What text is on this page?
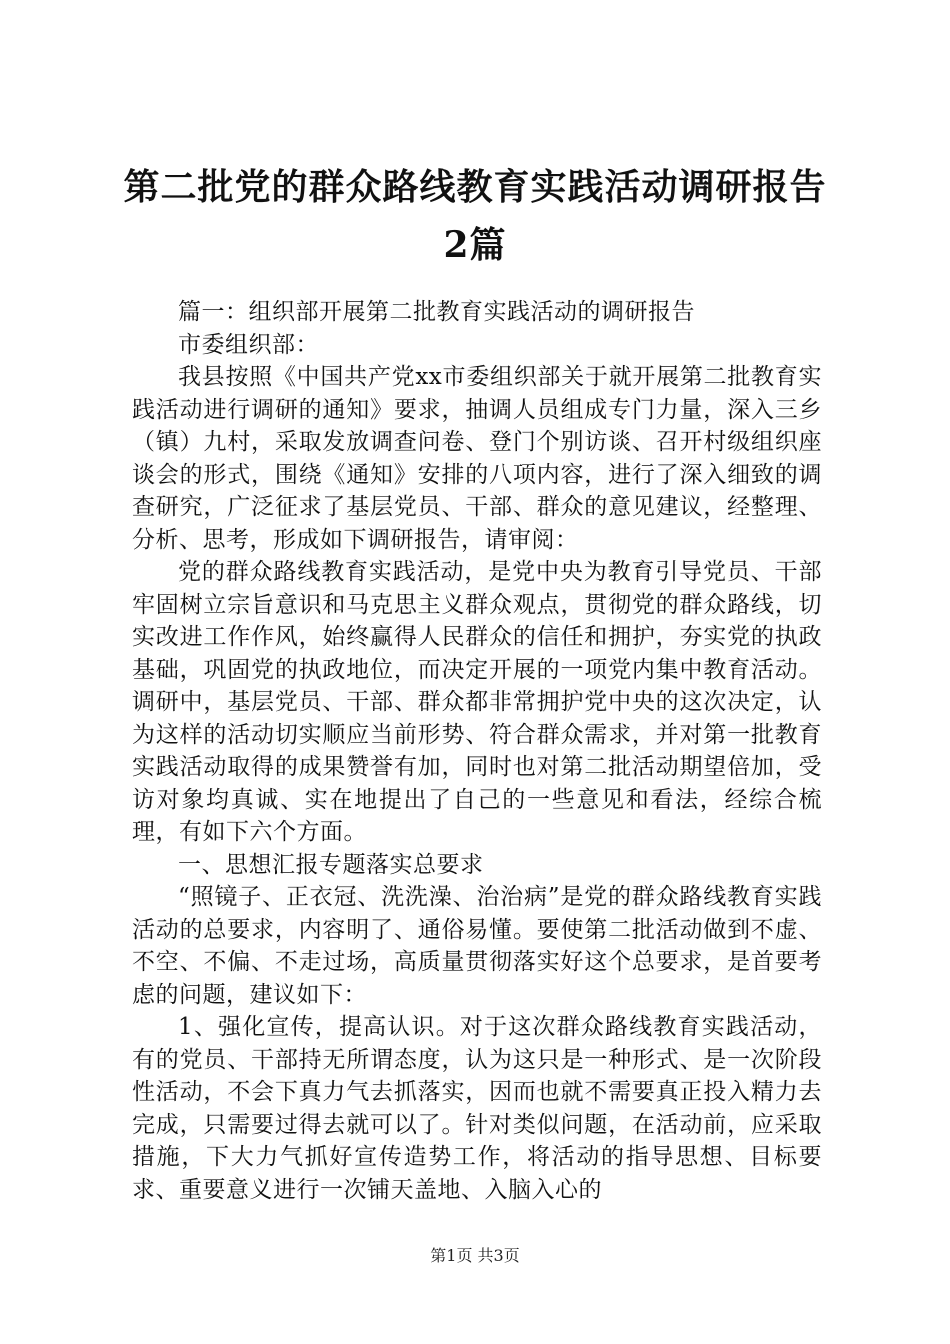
第二批党的群众路线教育实践活动调研报告2篇

篇一：组织部开展第二批教育实践活动的调研报告

市委组织部：

我县按照《中国共产党xx市委组织部关于就开展第二批教育实践活动进行调研的通知》要求，抽调人员组成专门力量，深入三乡（镇）九村，采取发放调查问卷、登门个别访谈、召开村级组织座谈会的形式，围绕《通知》安排的八项内容，进行了深入细致的调查研究，广泛征求了基层党员、干部、群众的意见建议，经整理、分析、思考，形成如下调研报告，请审阅：

党的群众路线教育实践活动，是党中央为教育引导党员、干部牢固树立宗旨意识和马克思主义群众观点，贯彻党的群众路线，切实改进工作作风，始终赢得人民群众的信任和拥护，夯实党的执政基础，巩固党的执政地位，而决定开展的一项党内集中教育活动。调研中，基层党员、干部、群众都非常拥护党中央的这次决定，认为这样的活动切实顺应当前形势、符合群众需求，并对第一批教育实践活动取得的成果赞誉有加，同时也对第二批活动期望倍加，受访对象均真诚、实在地提出了自己的一些意见和看法，经综合梳理，有如下六个方面。

一、思想汇报专题落实总要求

“照镜子、正衣冠、洗洗澡、治治病”是党的群众路线教育实践活动的总要求，内容明了、通俗易懂。要使第二批活动做到不虚、不空、不偏、不走过场，高质量贯彻落实好这个总要求，是首要考虑的问题，建议如下：

1、强化宣传，提高认识。对于这次群众路线教育实践活动，有的党员、干部持无所谓态度，认为这只是一种形式、是一次阶段性活动，不会下真力气去抓落实，因而也就不需要真正投入精力去完成，只需要过得去就可以了。针对类似问题，在活动前，应采取措施，下大力气抓好宣传造势工作，将活动的指导思想、目标要求、重要意义进行一次铺天盖地、入脑入心的

第1页 共3页
